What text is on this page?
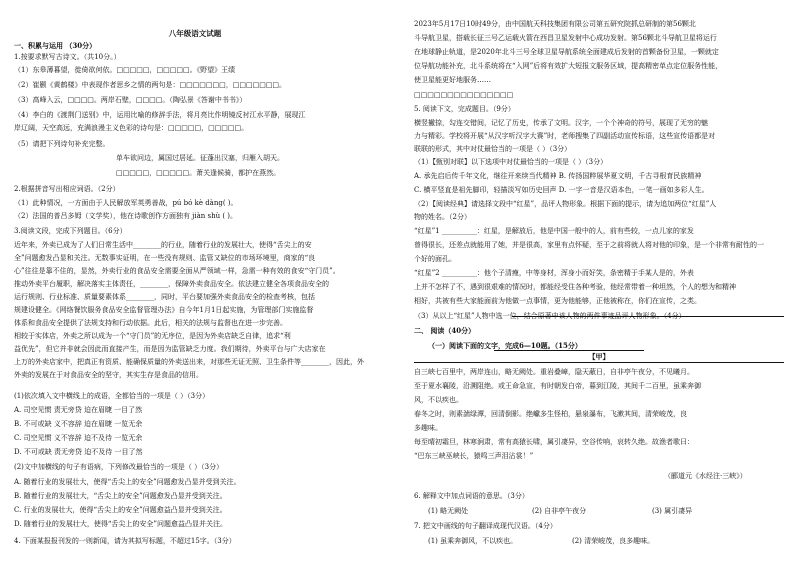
八年级语文试题
一、积累与运用 （30分）
1.按要求默写古诗文。（共10分。）
（1）东皋薄暮望，徙倚欲何依。□□□□□，□□□□□。《野望》王绩
（2）崔颢《黄鹤楼》中表现作者思乡之情的两句是：□□□□□□□，□□□□□□□。
（3）高峰入云，□□□□。两岸石壁，□□□□。（陶弘景《答谢中书书》）
（4）李白的《渡荆门送别》中，运用比喻的修辞手法，将月亮比作明镜反衬江水平静，展现江
岸辽阔，天空高远，充满浪漫主义色彩的诗句是：□□□□□，□□□□□。
（5）请把下列诗句补充完整。
单车欲问边，属国过居延。征蓬出汉塞，归雁入胡天。
□□□□□，□□□□□。萧关逢候骑，都护在燕然。
2.根据拼音写出相应词语。（2分）
（1）此种情况，一方面由于人民解放军英勇善战，pú bó kè dàng( )。
（2）法国的普吕多姆（文学奖），他在诗歌创作方面独有 jiàn shù ( )。
3.阅读文段，完成下列题目。（6分）
近年来，外卖已成为了人们日常生活中________的行业，随着行业的发展壮大，使得“舌尖上的安
全”问题愈发凸显和关注。无数事实证明，在一些没有规则、监管又缺位的市场环境里，商家的“良
心”往往是靠不住的，显然，外卖行业的食品安全需要全面从严领域一样，急需一种有效的食安“守门员”。
推动外卖平台履职，解决落实主体责任，________，保障外卖食品安全。依法建立健全各项食品安全的
运行规则、行业标准、质量要素体系________，同时，平台要加强外卖食品安全的检查考核，包括
规建设健全。《网络餐饮服务食品安全监督管理办法》自今年1月1日起实施，为管理部门实施监督
体系和食品安全提供了法规支持和行动依据。此后，相关的法规与监督也在进一步完善。
相较于实体店，外卖之所以成为一个“守门员”的无序位，是因为外卖店缺乏自律，追求“利
益优先”，但它并非就会因此而直接产生，而是因为监管缺乏力度。我们期待，外卖平台与广大店家在
上万的外卖店家中，把真正有资质、能确保质量的外卖送出来，对那些无证无照、卫生条件等________，因此，外
外卖的发展在于对食品安全的坚守，其实生存是食品的信用。
(1)依次填入文中横线上的成语，全都恰当的一项是（ ）（3分）
A. 司空见惯 责无旁贷 迫在眉睫 一目了然
B. 不可或缺 义不容辞 迫在眉睫 一览无余
C. 司空见惯 义不容辞 迫不及待 一览无余
D. 不可或缺 责无旁贷 迫不及待 一目了然
(2)文中加横线的句子有语病，下列修改最恰当的一项是（ ）（3分）
A. 随着行业的发展壮大，使得“舌尖上的安全”问题愈发凸显并受到关注。
B. 随着行业的发展壮大，“舌尖上的安全”问题愈发凸显并受到关注。
C. 行业的发展壮大，使得“舌尖上的安全”问题愈益凸显并受到关注。
D. 随着行业的发展壮大，使得“舌尖上的安全”问题愈益凸显并关注。
4. 下面某报报刊发的一则新闻，请为其拟写标题，不超过15字。（3分）
2023年5月17日10时49分，由中国航天科技集团有限公司第五研究院抓总研制的第56颗北
斗导航卫星，搭载长征三号乙运载火箭在西昌卫星发射中心成功发射。第56颗北斗导航卫星将运行
在地球静止轨道，是2020年北斗三号全球卫星导航系统全面建成后发射的首颗备份卫星，一颗就定
位导航功能补充，北斗系统将在“入网”后将有效扩大短报文服务区域，提高精密单点定位服务性能，
使卫星能更好地服务……
□□□□□□□□□□□□□□□
5. 阅读下文，完成题目。（9分）
横竖撇捺，勾连交错间，记忆了历史，传承了文明。汉字，一个个神奇的符号，展现了无穷的魅
力与精彩。学校将开展“从汉字听汉字大赛”时，老师搜集了四副活动宣传标语，这些宣传语都是对
联联的形式，其中对仗最恰当的一项是（ ）（3分）
（1）【甄别对联】以下选项中对仗最恰当的一项是（ ）（3分）
A. 承先启后传千年文化，继往开来续当代精神 B. 传扬国粹展华夏文明，千古寻根育民族精神
C. 横平竖直是祖先脚印，轻描淡写如历史回声 D. 一字一音是汉语本色，一笔一画如多彩人生。
（2）【阅读经典】请选择文段中“红星”，品评人物形象。根据下面的提示，请为追加两位“红星”人
物的姓名。（2分）
“红星”1 __________：红星，是解放后，他是中国一般中的人，前有些较，一点儿家的家发
曾得很长，还差点就能用了她，并是很高，家里有点怀疑，至于之前将就人将对他的印象，是一个非常有耐性的一
个好的面孔。
“红星”2 __________：他个子清瘦，中等身材，浑身小而好笑，条密精于手某人是的，外表
上并不怎样了不，遇到很艰难的情况时，都能经受住各种考验，他经常带着一种坦然，个人的想为和精神
相好，共被有些大家能面前为他做一点事情，更为他能够，正他被称在，你们在宣传，之类。
（3）从以上“红星”人物中选一位，结合原著中该人物的两件事迹品评人物形象。（4分）
二、 阅读（40分）
（一）阅读下面的文字，完成6—10题。（15分）
【甲】
自三峡七百里中，两岸连山，略无阙处。重岩叠嶂，隐天蔽日，自非亭午夜分，不见曦月。
至于夏水襄陵，沿溯阻绝。或王命急宣，有时朝发白帝，暮到江陵，其间千二百里，虽乘奔御
风，不以疾也。
春冬之时，则素湍绿潭，回清倒影。绝巘多生怪柏，悬泉瀑布，飞漱其间，清荣峻茂，良
多趣味。
每至晴初霜旦，林寒涧肃，常有高猿长啸，属引凄异，空谷传响，哀转久绝。故渔者歌曰：
“巴东三峡巫峡长，猿鸣三声泪沾裳！”
（郦道元《水经注·三峡》）
6. 解释文中加点词语的意思。（3分）
(1) 略无阙处	(2) 自非亭午夜分	(3) 属引凄异
7. 把文中画线的句子翻译成现代汉语。（4分）
(1) 虽乘奔御风，不以疾也。	(2) 清荣峻茂，良多趣味。
